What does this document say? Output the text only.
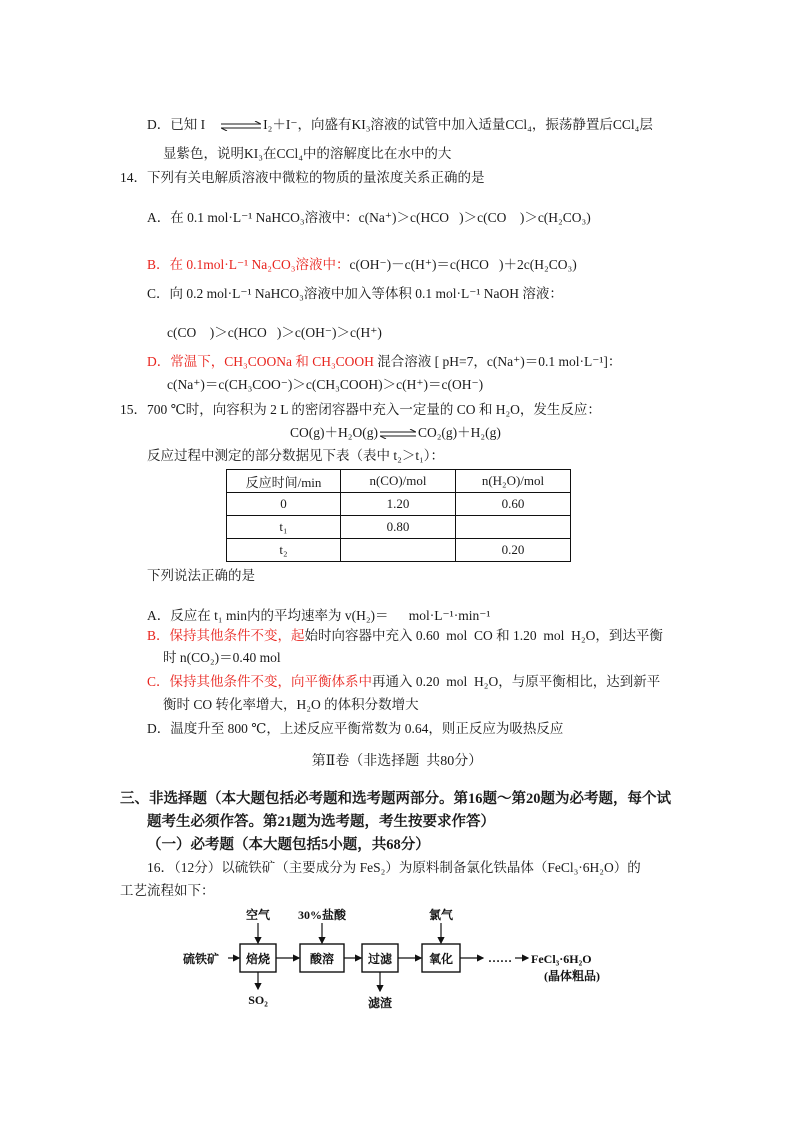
D．已知 I ⇌ I₂＋I⁻，向盛有KI₃溶液的试管中加入适量CCl₄，振荡静置后CCl₄层
显紫色，说明KI₃在CCl₄中的溶解度比在水中的大
14．下列有关电解质溶液中微粒的物质的量浓度关系正确的是
A．在 0.1 mol·L⁻¹ NaHCO₃溶液中：c(Na⁺)＞c(HCO   )＞c(CO    )＞c(H₂CO₃)
B．在 0.1mol·L⁻¹ Na₂CO₃溶液中：c(OH⁻)－c(H⁺)＝c(HCO   )＋2c(H₂CO₃)
C．向 0.2 mol·L⁻¹ NaHCO₃溶液中加入等体积 0.1 mol·L⁻¹ NaOH 溶液：
c(CO    )＞c(HCO   )＞c(OH⁻)＞c(H⁺)
D．常温下，CH₃COONa 和 CH₃COOH 混合溶液 [ pH=7，c(Na⁺)＝0.1 mol·L⁻¹]：
c(Na⁺)＝c(CH₃COO⁻)＞c(CH₃COOH)＞c(H⁺)＝c(OH⁻)
15．700 ℃时，向容积为 2 L 的密闭容器中充入一定量的 CO 和 H₂O，发生反应：
CO(g)＋H₂O(g) ⇌ CO₂(g)＋H₂(g)
反应过程中测定的部分数据见下表（表中 t₂＞t₁）：
反应时间/min	n(CO)/mol	n(H₂O)/mol
0	1.20	0.60
t₁	0.80	
t₂		0.20
下列说法正确的是
A．反应在 t₁ min内的平均速率为 v(H₂)＝      mol·L⁻¹·min⁻¹
B．保持其他条件不变，起始时向容器中充入 0.60  mol  CO 和 1.20  mol  H₂O，到达平衡
时 n(CO₂)＝0.40 mol
C．保持其他条件不变，向平衡体系中再通入 0.20  mol  H₂O，与原平衡相比，达到新平
衡时 CO 转化率增大，H₂O 的体积分数增大
D．温度升至 800 ℃，上述反应平衡常数为 0.64，则正反应为吸热反应
第Ⅱ卷（非选择题  共80分）
三、非选择题（本大题包括必考题和选考题两部分。第16题～第20题为必考题，每个试
题考生必须作答。第21题为选考题，考生按要求作答）
（一）必考题（本大题包括5小题，共68分）
16．（12分）以硫铁矿（主要成分为 FeS₂）为原料制备氯化铁晶体（FeCl₃·6H₂O）的
工艺流程如下：
硫铁矿 焙烧
空气
SO₂
酸溶
30%盐酸
过滤
滤渣
氧化
氯气
…… FeCl₃·6H₂O
(晶体粗品)
